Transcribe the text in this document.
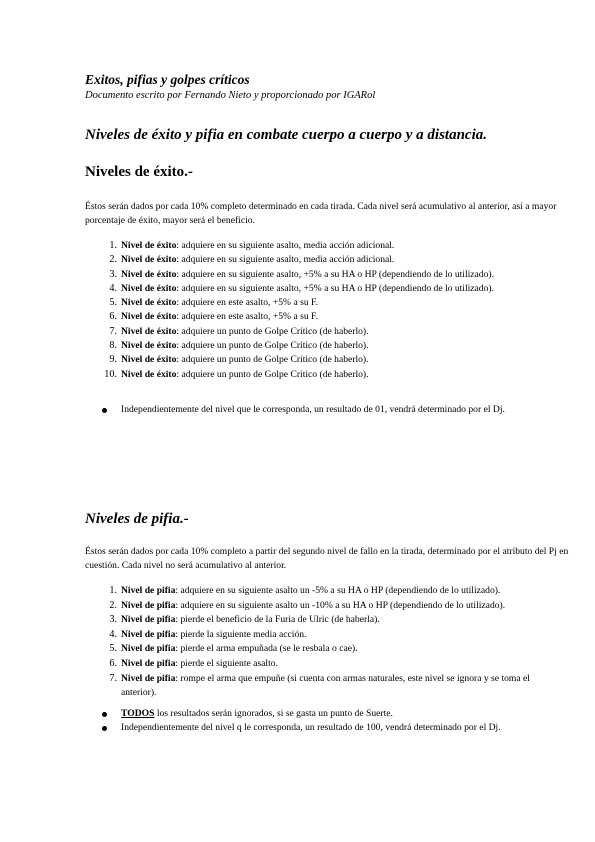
Exitos, pifias y golpes críticos
Documento escrito por Fernando Nieto y proporcionado por IGARol
Niveles de éxito y pifia en combate cuerpo a cuerpo y a distancia.
Niveles de éxito.-
Éstos serán dados por cada 10% completo determinado en cada tirada. Cada nivel será acumulativo al anterior, así a mayor porcentaje de éxito, mayor será el beneficio.
1. Nivel de éxito: adquiere en su siguiente asalto, media acción adicional.
2. Nivel de éxito: adquiere en su siguiente asalto, media acción adicional.
3. Nivel de éxito: adquiere en su siguiente asalto, +5% a su HA o HP (dependiendo de lo utilizado).
4. Nivel de éxito: adquiere en su siguiente asalto, +5% a su HA o HP (dependiendo de lo utilizado).
5. Nivel de éxito: adquiere en este asalto, +5% a su F.
6. Nivel de éxito: adquiere en este asalto, +5% a su F.
7. Nivel de éxito: adquiere un punto de Golpe Crítico (de haberlo).
8. Nivel de éxito: adquiere un punto de Golpe Crítico (de haberlo).
9. Nivel de éxito: adquiere un punto de Golpe Crítico (de haberlo).
10. Nivel de éxito: adquiere un punto de Golpe Crítico (de haberlo).
Independientemente del nivel que le corresponda, un resultado de 01, vendrá determinado por el Dj.
Niveles de pifia.-
Éstos serán dados por cada 10% completo a partir del segundo nivel de fallo en la tirada, determinado por el atributo del Pj en cuestión. Cada nivel no será acumulativo al anterior.
1. Nivel de pifia: adquiere en su siguiente asalto un -5% a su HA o HP (dependiendo de lo utilizado).
2. Nivel de pifia: adquiere en su siguiente asalto un -10% a su HA o HP (dependiendo de lo utilizado).
3. Nivel de pifia: pierde el beneficio de la Furia de Ulric (de haberla).
4. Nivel de pifia: pierde la siguiente media acción.
5. Nivel de pifia: pierde el arma empuñada (se le resbala o cae).
6. Nivel de pifia: pierde el siguiente asalto.
7. Nivel de pifia: rompe el arma que empuñe (si cuenta con armas naturales, este nivel se ignora y se toma el anterior).
TODOS los resultados serán ignorados, si se gasta un punto de Suerte.
Independientemente del nivel q le corresponda, un resultado de 100, vendrá determinado por el Dj.
